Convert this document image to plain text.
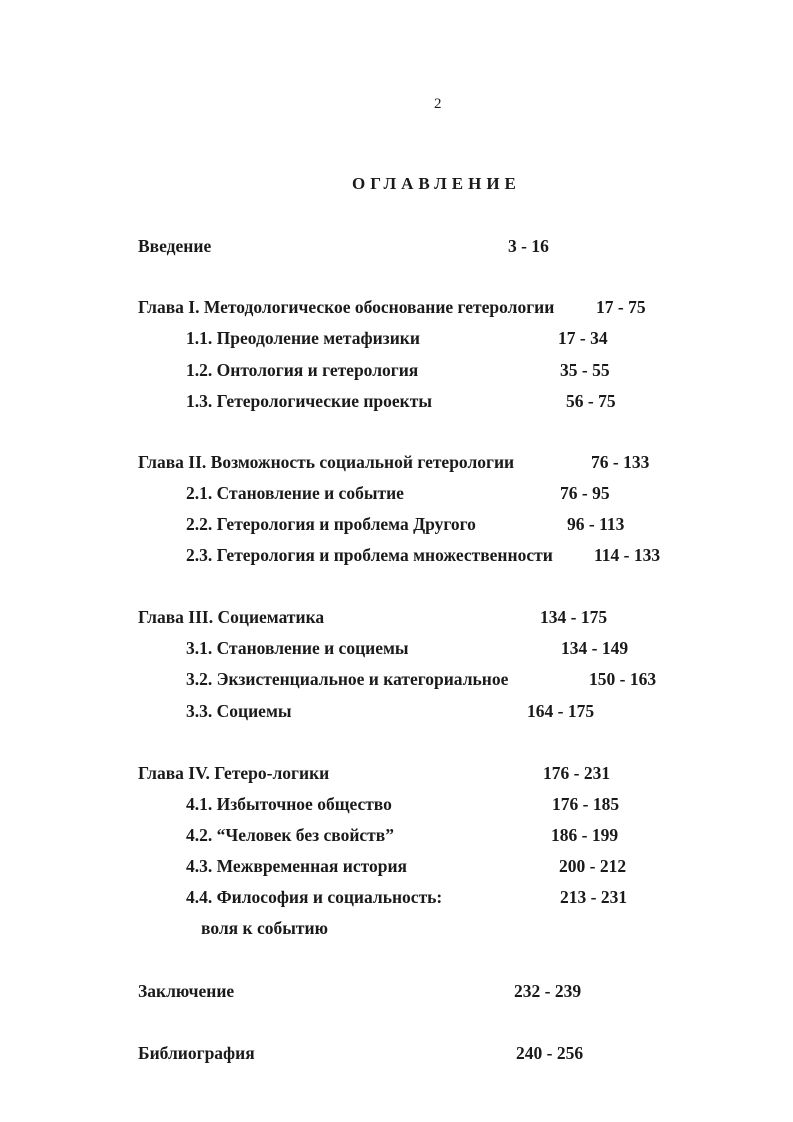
2
ОГЛАВЛЕНИЕ
Введение	3 - 16
Глава I. Методологическое обоснование гетерологии 17 - 75
1.1. Преодоление метафизики	17 - 34
1.2. Онтология и гетерология	35 - 55
1.3. Гетерологические проекты	56 - 75
Глава II. Возможность социальной гетерологии	76 - 133
2.1. Становление и событие	76 - 95
2.2. Гетерология и проблема Другого	96 - 113
2.3. Гетерология и проблема множественности 114 - 133
Глава III. Социематика	134 - 175
3.1. Становление и социемы	134 - 149
3.2. Экзистенциальное и категориальное	150 - 163
3.3. Социемы	164 - 175
Глава IV. Гетеро-логики	176 - 231
4.1. Избыточное общество	176 - 185
4.2. “Человек без свойств”	186 - 199
4.3. Межвременная история	200 - 212
4.4. Философия и социальность:	213 - 231
воля к событию
Заключение	232 - 239
Библиография	240 - 256
